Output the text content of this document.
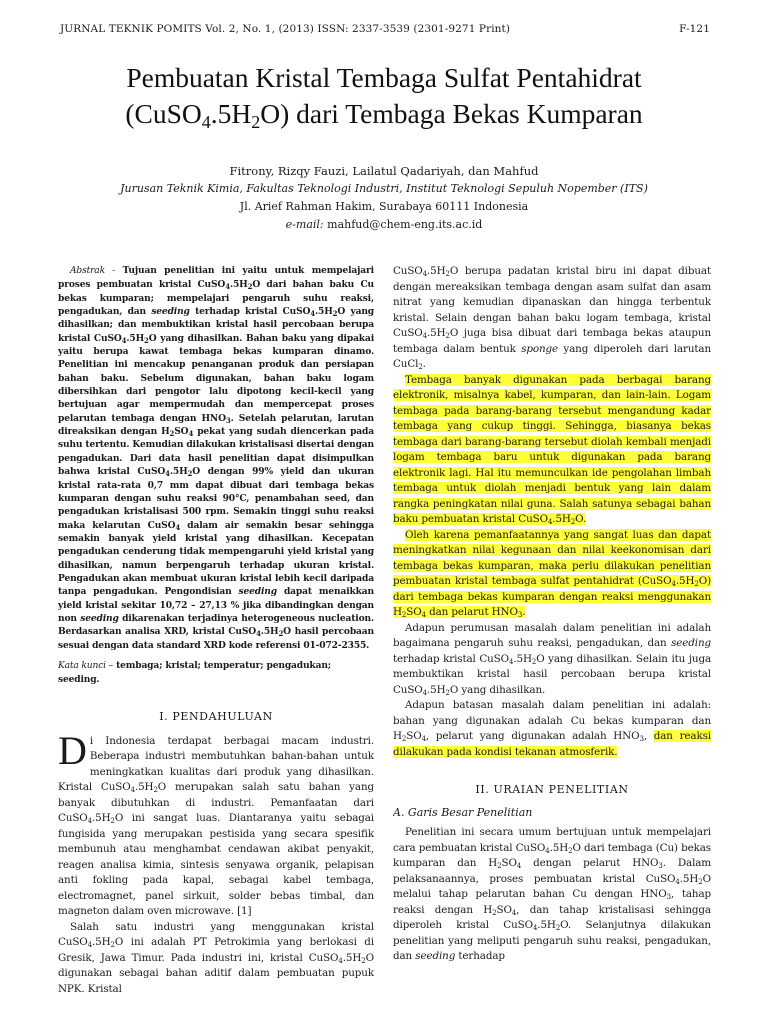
JURNAL TEKNIK POMITS Vol. 2, No. 1, (2013) ISSN: 2337-3539 (2301-9271 Print)	F-121
Pembuatan Kristal Tembaga Sulfat Pentahidrat
$(CuSO_4.5H_2O)$ dari Tembaga Bekas Kumparan
Fitrony, Rizqy Fauzi, Lailatul Qadariyah, dan Mahfud
Jurusan Teknik Kimia, Fakultas Teknologi Industri, Institut Teknologi Sepuluh Nopember (ITS)
Jl. Arief Rahman Hakim, Surabaya 60111 Indonesia
e-mail: mahfud@chem-eng.its.ac.id

Abstrak - Tujuan penelitian ini yaitu untuk mempelajari proses pembuatan kristal $CuSO_4.5H_2O$ dari bahan baku Cu bekas kumparan; mempelajari pengaruh suhu reaksi, pengadukan, dan seeding terhadap kristal $CuSO_4.5H_2O$ yang dihasilkan; dan membuktikan kristal hasil percobaan berupa kristal $CuSO_4.5H_2O$ yang dihasilkan. Bahan baku yang dipakai yaitu berupa kawat tembaga bekas kumparan dinamo. Penelitian ini mencakup penanganan produk dan persiapan bahan baku. Sebelum digunakan, bahan baku logam dibersihkan dari pengotor lalu dipotong kecil-kecil yang bertujuan agar mempermudah dan mempercepat proses pelarutan tembaga dengan $HNO_3$. Setelah pelarutan, larutan direaksikan dengan $H_2SO_4$ pekat yang sudah diencerkan pada suhu tertentu. Kemudian dilakukan kristalisasi disertai dengan pengadukan. Dari data hasil penelitian dapat disimpulkan bahwa kristal $CuSO_4.5H_2O$ dengan 99% yield dan ukuran kristal rata-rata 0,7 mm dapat dibuat dari tembaga bekas kumparan dengan suhu reaksi 90°C, penambahan seed, dan pengadukan kristalisasi 500 rpm. Semakin tinggi suhu reaksi maka kelarutan CuSO$_4$ dalam air semakin besar sehingga semakin banyak yield kristal yang dihasilkan. Kecepatan pengadukan cenderung tidak mempengaruhi yield kristal yang dihasilkan, namun berpengaruh terhadap ukuran kristal. Pengadukan akan membuat ukuran kristal lebih kecil daripada tanpa pengadukan. Pengondisian seeding dapat menaikkan yield kristal sekitar 10,72 – 27,13 % jika dibandingkan dengan non seeding dikarenakan terjadinya heterogeneous nucleation. Berdasarkan analisa XRD, kristal $CuSO_4.5H_2O$ hasil percobaan sesuai dengan data standard XRD kode referensi 01-072-2355.

Kata kunci – tembaga; kristal; temperatur; pengadukan; seeding.

I. PENDAHULUAN
D i Indonesia terdapat berbagai macam industri. Beberapa industri membutuhkan bahan-bahan untuk meningkatkan kualitas dari produk yang dihasilkan. Kristal $CuSO_4.5H_2O$ merupakan salah satu bahan yang banyak dibutuhkan di industri. Pemanfaatan dari $CuSO_4.5H_2O$ ini sangat luas. Diantaranya yaitu sebagai fungisida yang merupakan pestisida yang secara spesifik membunuh atau menghambat cendawan akibat penyakit, reagen analisa kimia, sintesis senyawa organik, pelapisan anti fokling pada kapal, sebagai kabel tembaga, electromagnet, panel sirkuit, solder bebas timbal, dan magneton dalam oven microwave. [1]

Salah satu industri yang menggunakan kristal $CuSO_4.5H_2O$ ini adalah PT Petrokimia yang berlokasi di Gresik, Jawa Timur. Pada industri ini, kristal $CuSO_4.5H_2O$ digunakan sebagai bahan aditif dalam pembuatan pupuk NPK. Kristal

$CuSO_4.5H_2O$ berupa padatan kristal biru ini dapat dibuat dengan mereaksikan tembaga dengan asam sulfat dan asam nitrat yang kemudian dipanaskan dan hingga terbentuk kristal. Selain dengan bahan baku logam tembaga, kristal $CuSO_4.5H_2O$ juga bisa dibuat dari tembaga bekas ataupun tembaga dalam bentuk sponge yang diperoleh dari larutan CuCl$_2$.

Tembaga banyak digunakan pada berbagai barang elektronik, misalnya kabel, kumparan, dan lain-lain. Logam tembaga pada barang-barang tersebut mengandung kadar tembaga yang cukup tinggi. Sehingga, biasanya bekas tembaga dari barang-barang tersebut diolah kembali menjadi logam tembaga baru untuk digunakan pada barang elektronik lagi. Hal itu memunculkan ide pengolahan limbah tembaga untuk diolah menjadi bentuk yang lain dalam rangka peningkatan nilai guna. Salah satunya sebagai bahan baku pembuatan kristal $CuSO_4.5H_2O$.

Oleh karena pemanfaatannya yang sangat luas dan dapat meningkatkan nilai kegunaan dan nilai keekonomisan dari tembaga bekas kumparan, maka perlu dilakukan penelitian pembuatan kristal tembaga sulfat pentahidrat $(CuSO_4.5H_2O)$ dari tembaga bekas kumparan dengan reaksi menggunakan $H_2SO_4$ dan pelarut $HNO_3$.

Adapun perumusan masalah dalam penelitian ini adalah bagaimana pengaruh suhu reaksi, pengadukan, dan seeding terhadap kristal $CuSO_4.5H_2O$ yang dihasilkan. Selain itu juga membuktikan kristal hasil percobaan berupa kristal $CuSO_4.5H_2O$ yang dihasilkan.

Adapun batasan masalah dalam penelitian ini adalah: bahan yang digunakan adalah Cu bekas kumparan dan $H_2SO_4$, pelarut yang digunakan adalah $HNO_3$, dan reaksi dilakukan pada kondisi tekanan atmosferik.

II. URAIAN PENELITIAN
A. Garis Besar Penelitian

Penelitian ini secara umum bertujuan untuk mempelajari cara pembuatan kristal $CuSO_4.5H_2O$ dari tembaga (Cu) bekas kumparan dan $H_2SO_4$ dengan pelarut $HNO_3$. Dalam pelaksanaannya, proses pembuatan kristal $CuSO_4.5H_2O$ melalui tahap pelarutan bahan Cu dengan $HNO_3$, tahap reaksi dengan $H_2SO_4$, dan tahap kristalisasi sehingga diperoleh kristal $CuSO_4.5H_2O$. Selanjutnya dilakukan penelitian yang meliputi pengaruh suhu reaksi, pengadukan, dan seeding terhadap
